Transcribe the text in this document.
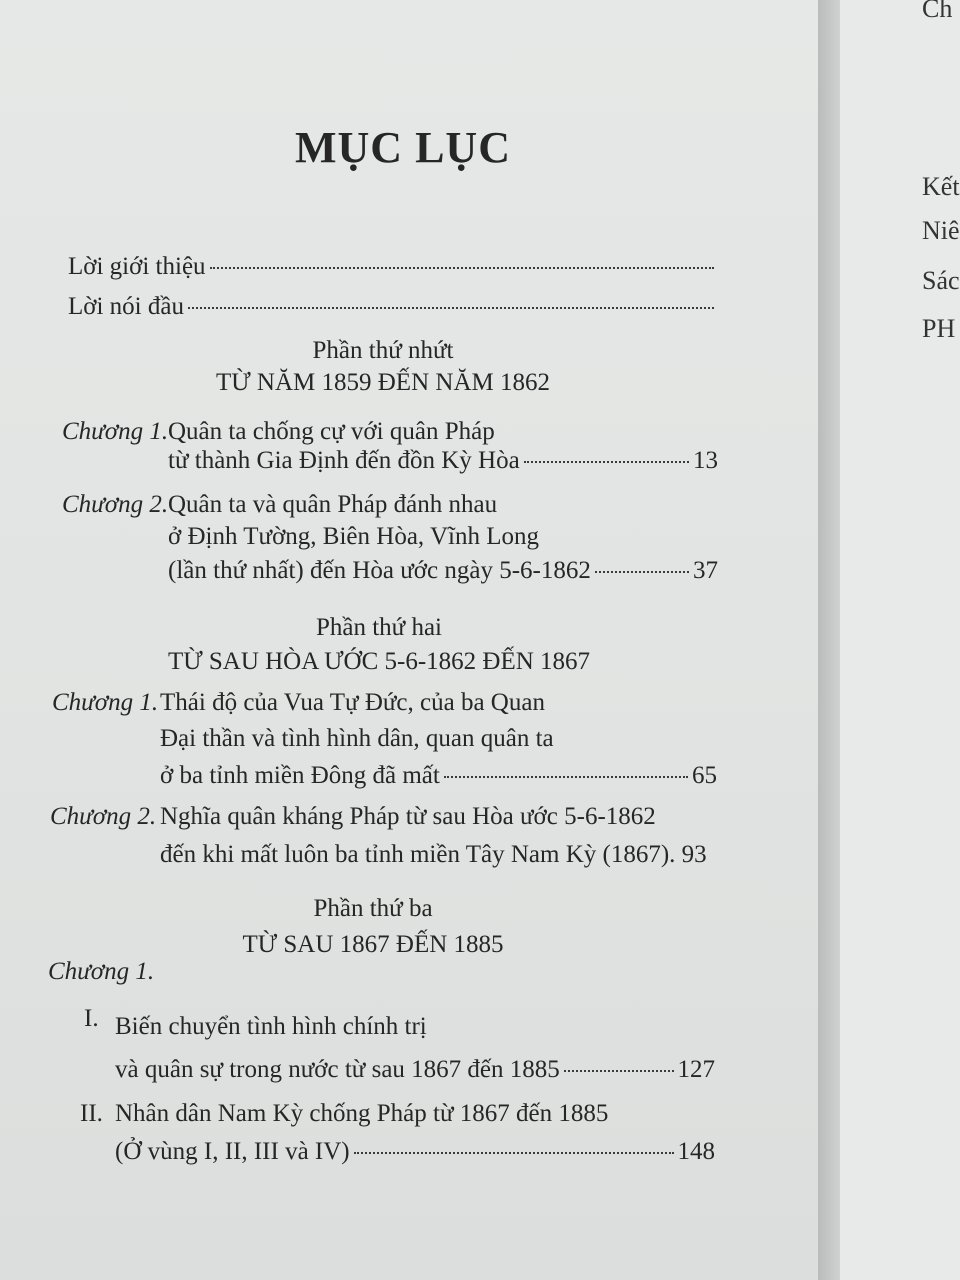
MỤC LỤC
Lời giới thiệu
Lời nói đầu
Phần thứ nhứt
TỪ NĂM 1859 ĐẾN NĂM 1862
Chương 1. Quân ta chống cự với quân Pháp
từ thành Gia Định đến đồn Kỳ Hòa	13
Chương 2. Quân ta và quân Pháp đánh nhau
ở Định Tường, Biên Hòa, Vĩnh Long
(lần thứ nhất) đến Hòa ước ngày 5-6-1862	37
Phần thứ hai
TỪ SAU HÒA ƯỚC 5-6-1862 ĐẾN 1867
Chương 1. Thái độ của Vua Tự Đức, của ba Quan
Đại thần và tình hình dân, quan quân ta
ở ba tỉnh miền Đông đã mất	65
Chương 2. Nghĩa quân kháng Pháp từ sau Hòa ước 5-6-1862
đến khi mất luôn ba tỉnh miền Tây Nam Kỳ (1867). 93
Phần thứ ba
TỪ SAU 1867 ĐẾN 1885
Chương 1.
I. Biến chuyển tình hình chính trị
và quân sự trong nước từ sau 1867 đến 1885	127
II. Nhân dân Nam Kỳ chống Pháp từ 1867 đến 1885
(Ở vùng I, II, III và IV)	148
Ch
Kết
Niê
Sác
PH
